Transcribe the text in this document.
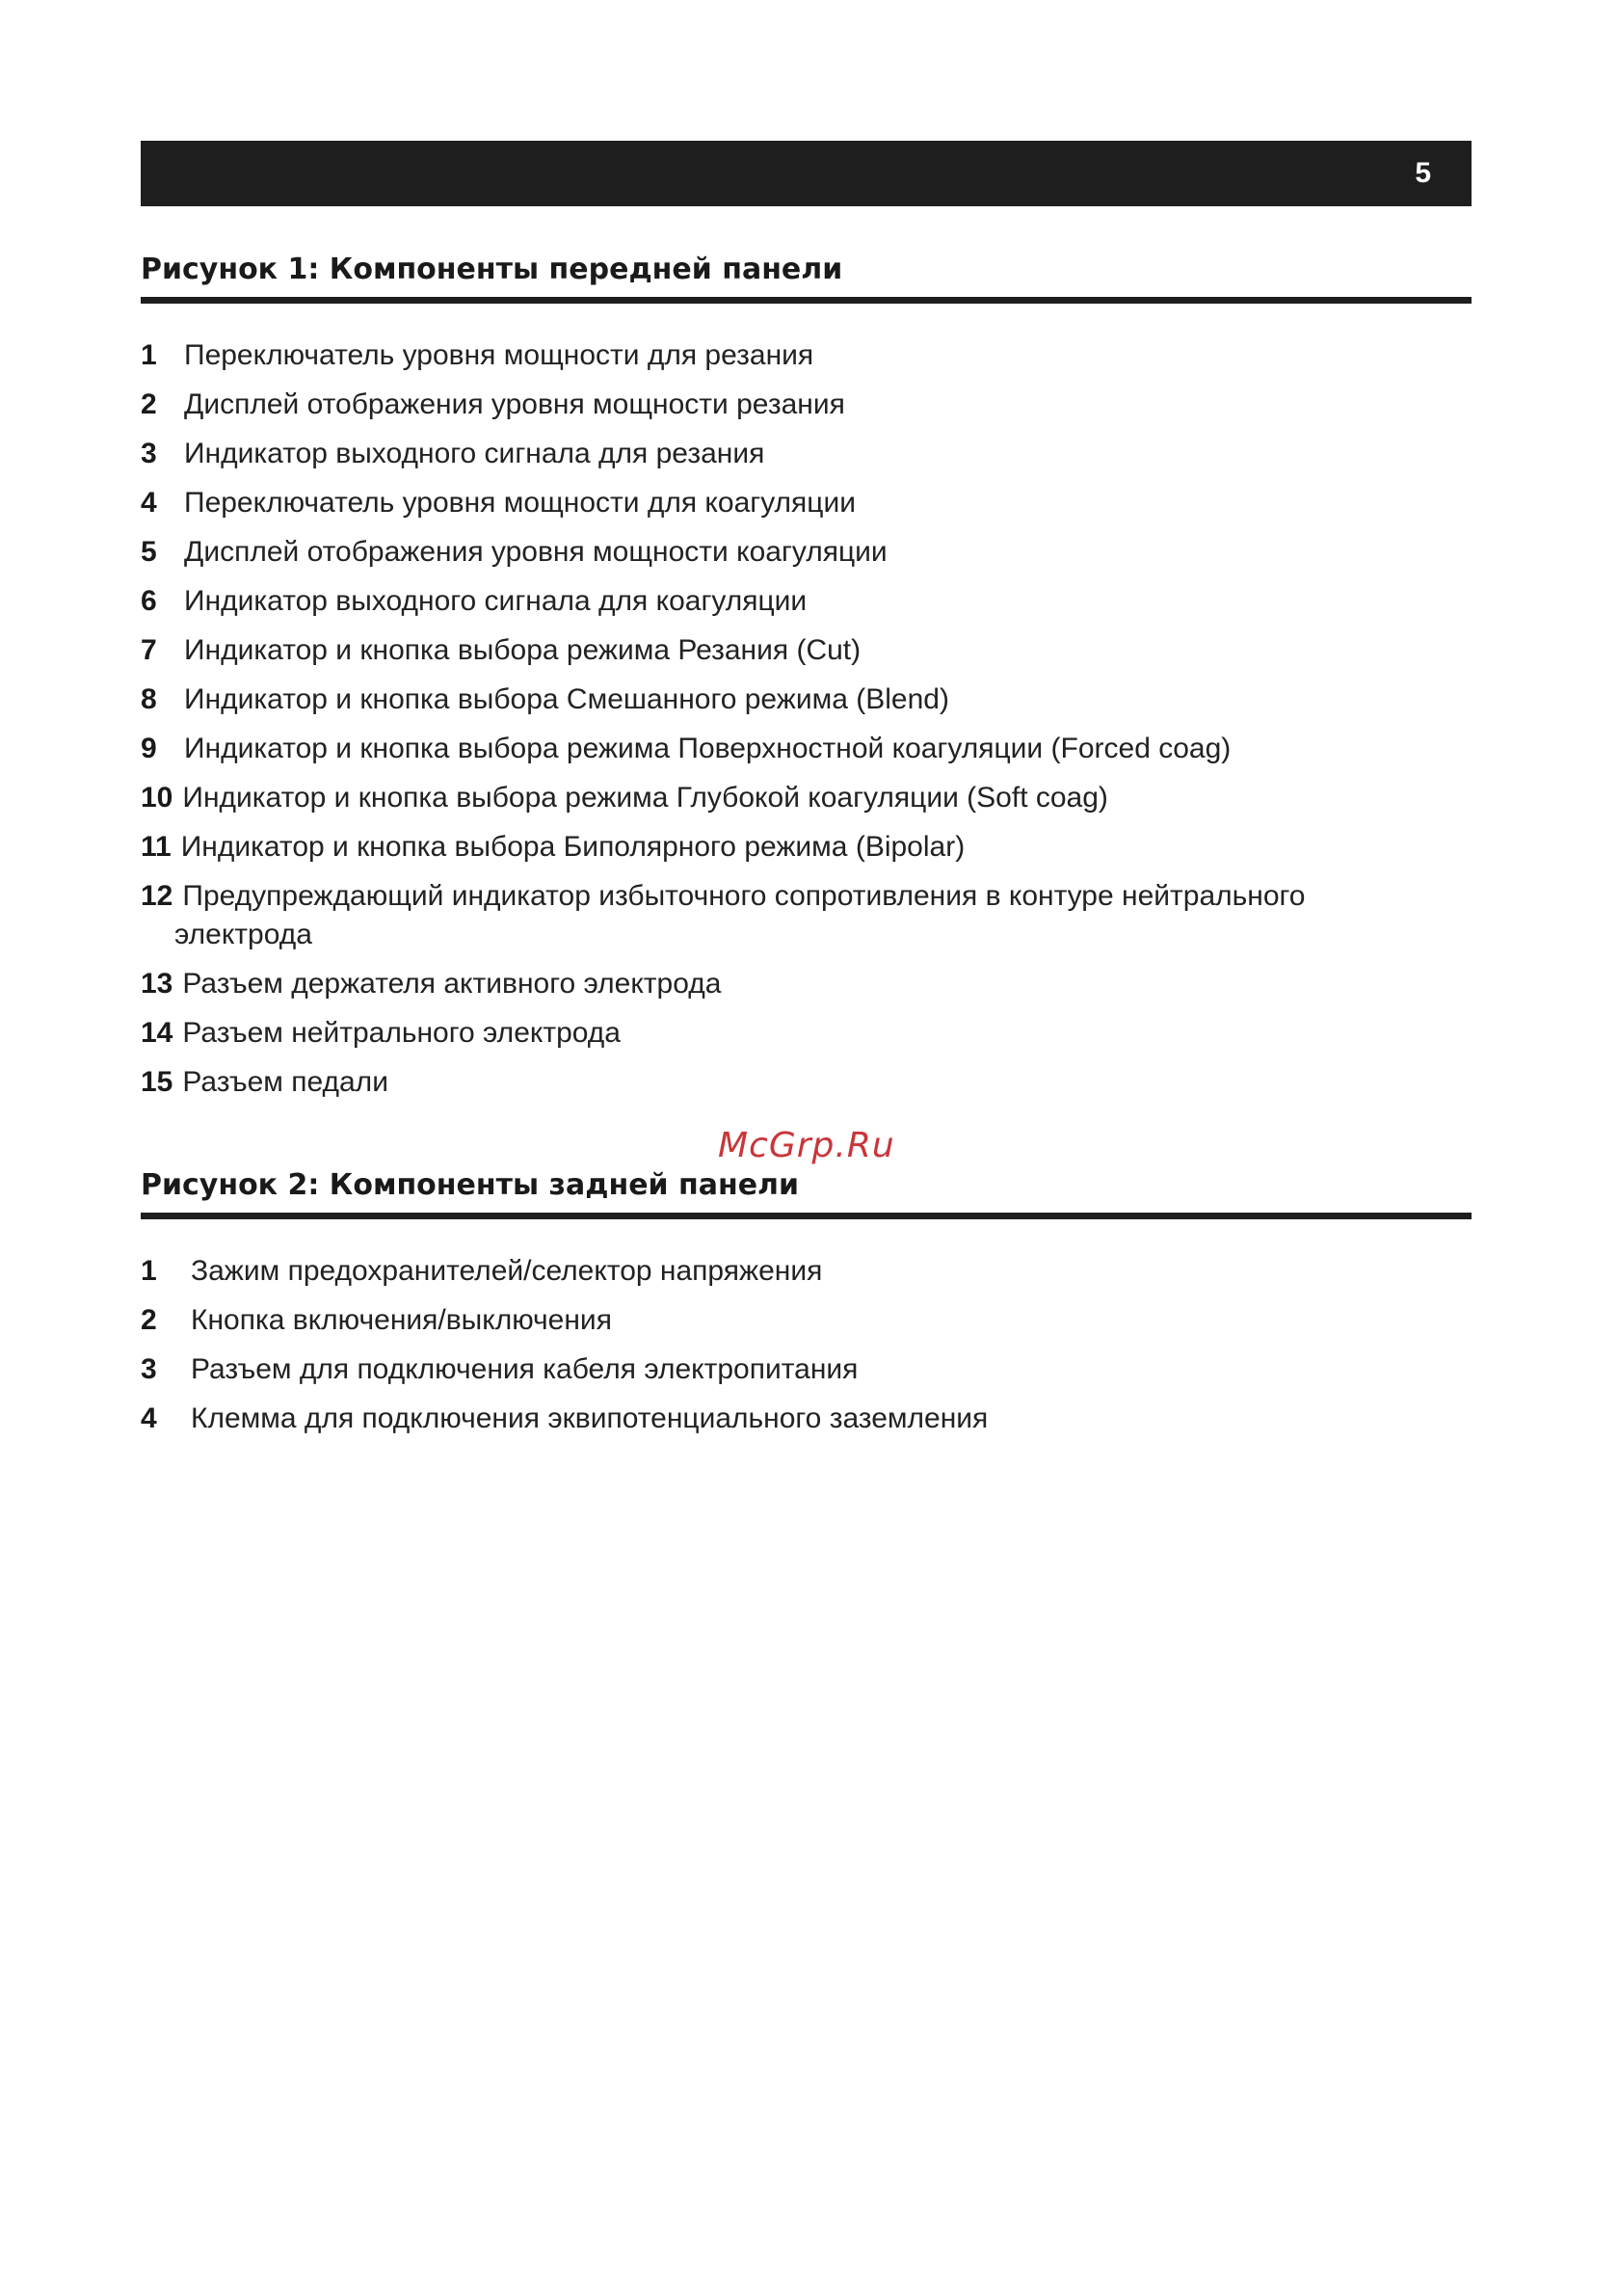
5
Рисунок 1: Компоненты передней панели
1 Переключатель уровня мощности для резания
2 Дисплей отображения уровня мощности резания
3 Индикатор выходного сигнала для резания
4 Переключатель уровня мощности для коагуляции
5 Дисплей отображения уровня мощности коагуляции
6 Индикатор выходного сигнала для коагуляции
7 Индикатор и кнопка выбора режима Резания (Cut)
8 Индикатор и кнопка выбора Смешанного режима (Blend)
9 Индикатор и кнопка выбора режима Поверхностной коагуляции (Forced coag)
10 Индикатор и кнопка выбора режима Глубокой коагуляции (Soft coag)
11 Индикатор и кнопка выбора Биполярного режима (Bipolar)
12 Предупреждающий индикатор избыточного сопротивления в контуре нейтрального
электрода
13 Разъем держателя активного электрода
14 Разъем нейтрального электрода
15 Разъем педали
McGrp.Ru
Рисунок 2: Компоненты задней панели
1 Зажим предохранителей/селектор напряжения
2 Кнопка включения/выключения
3 Разъем для подключения кабеля электропитания
4 Клемма для подключения эквипотенциального заземления
